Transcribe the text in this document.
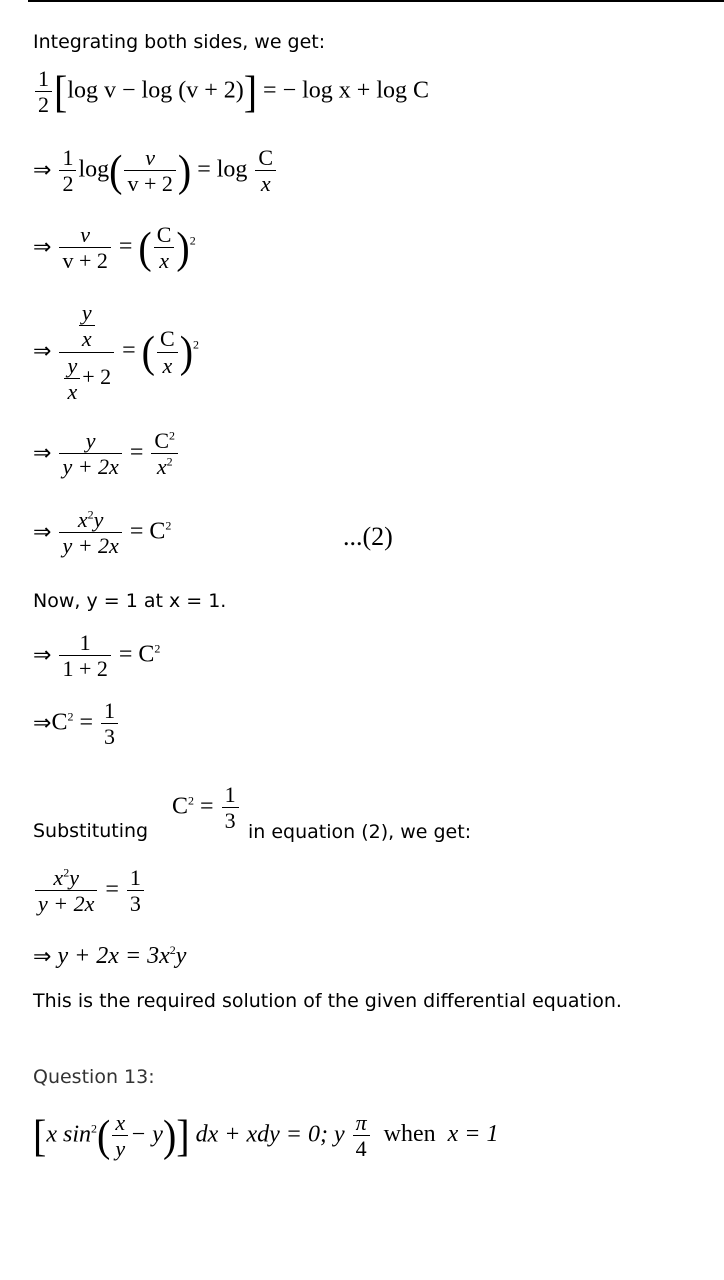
Integrating both sides, we get:
$\frac{1}{2} [\log$ v − log (v + 2)] = − log x + log C
⇒ $\frac{1}{2} \log( \frac{v}{v + 2}$ ) = $\log \frac{C}{x}$
⇒ $\frac{v}{v + 2}$ = ( $\frac{C}{x} )^2$
⇒ $\frac{\frac{y}{x}}{\frac{y}{x} + 2}$ = ( $\frac{C}{x} )^2$
⇒ $\frac{y}{y + 2x} = \frac{C^2}{x^2}$
⇒ $\frac{x^2y}{y + 2x} = C^2$	...(2)
Now, y = 1 at x = 1.
⇒ $\frac{1}{1 + 2} = C^2$
$\Rightarrow C^2 = \frac{1}{3}$
$C^2 = \frac{1}{3}$
Substituting	in equation (2), we get:
$\frac{x^2y}{y + 2x} = \frac{1}{3}$
⇒ $y + 2x = 3x^2y$
This is the required solution of the given differential equation.
Question 13:
[x $\sin^2( \frac{x}{y} - y)$] dx + xdy = 0; y $\frac{\pi}{4}$ when x = 1
